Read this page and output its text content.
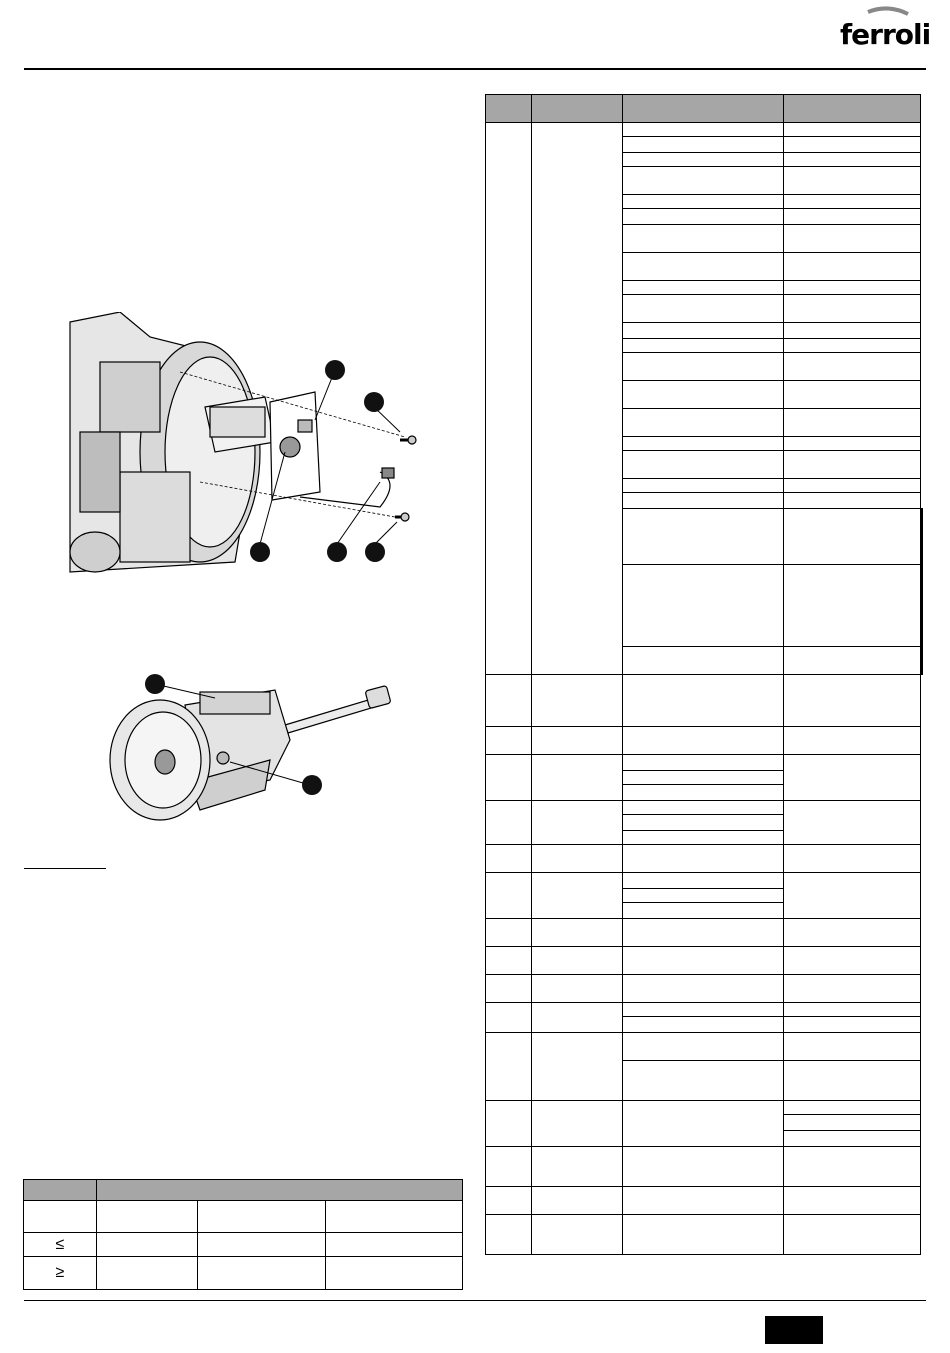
ferroli

≤			
≥			
